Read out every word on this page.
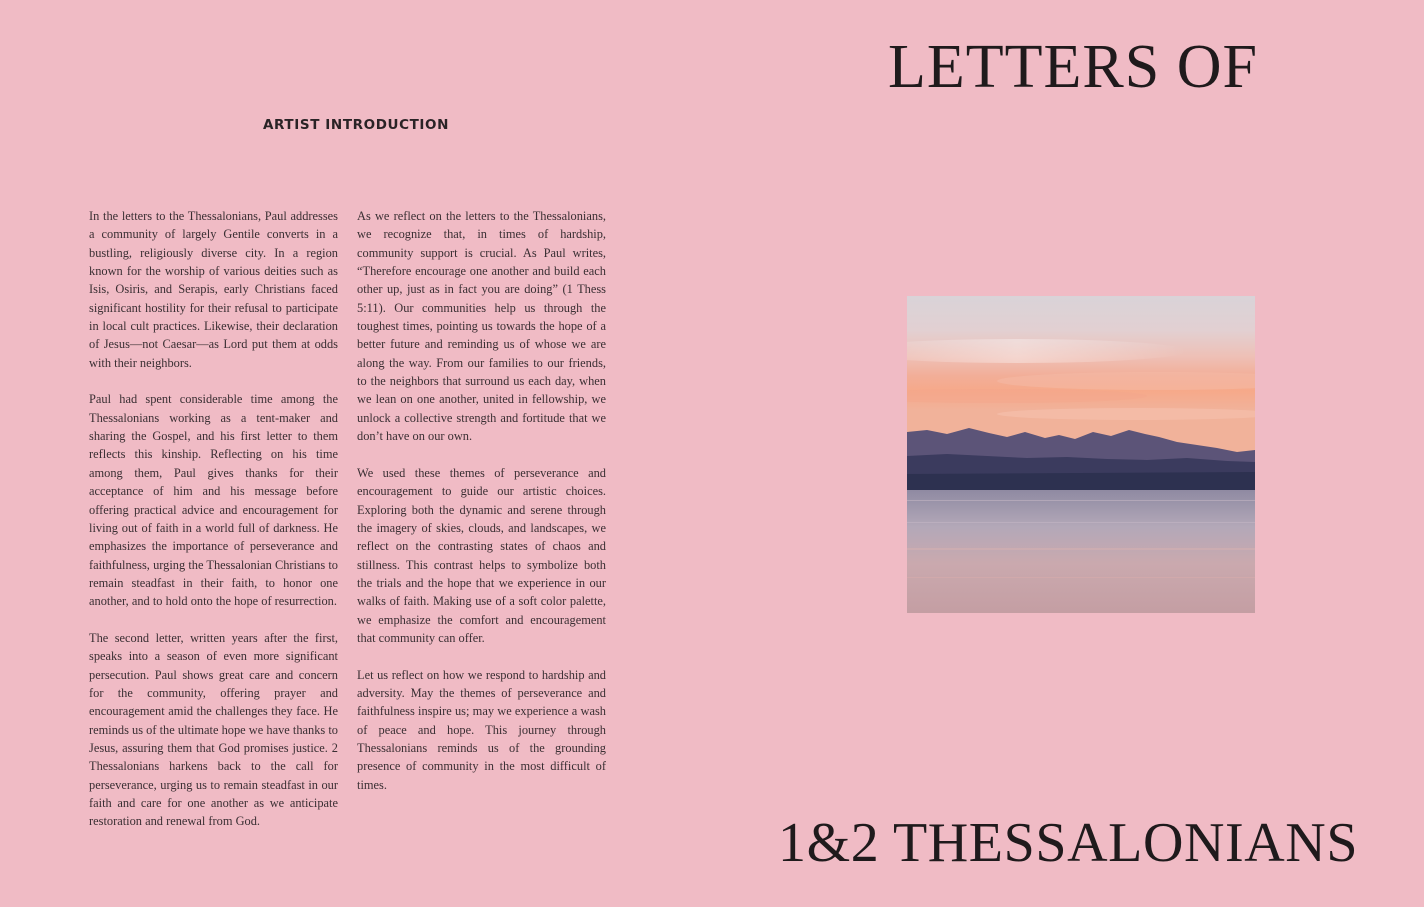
ARTIST INTRODUCTION

In the letters to the Thessalonians, Paul addresses a community of largely Gentile converts in a bustling, religiously diverse city. In a region known for the worship of various deities such as Isis, Osiris, and Serapis, early Christians faced significant hostility for their refusal to participate in local cult practices. Likewise, their declaration of Jesus—not Caesar—as Lord put them at odds with their neighbors.

Paul had spent considerable time among the Thessalonians working as a tent-maker and sharing the Gospel, and his first letter to them reflects this kinship. Reflecting on his time among them, Paul gives thanks for their acceptance of him and his message before offering practical advice and encouragement for living out of faith in a world full of darkness. He emphasizes the importance of perseverance and faithfulness, urging the Thessalonian Christians to remain steadfast in their faith, to honor one another, and to hold onto the hope of resurrection.

The second letter, written years after the first, speaks into a season of even more significant persecution. Paul shows great care and concern for the community, offering prayer and encouragement amid the challenges they face. He reminds us of the ultimate hope we have thanks to Jesus, assuring them that God promises justice. 2 Thessalonians harkens back to the call for perseverance, urging us to remain steadfast in our faith and care for one another as we anticipate restoration and renewal from God.

As we reflect on the letters to the Thessalonians, we recognize that, in times of hardship, community support is crucial. As Paul writes, “Therefore encourage one another and build each other up, just as in fact you are doing” (1 Thess 5:11). Our communities help us through the toughest times, pointing us towards the hope of a better future and reminding us of whose we are along the way. From our families to our friends, to the neighbors that surround us each day, when we lean on one another, united in fellowship, we unlock a collective strength and fortitude that we don’t have on our own.

We used these themes of perseverance and encouragement to guide our artistic choices. Exploring both the dynamic and serene through the imagery of skies, clouds, and landscapes, we reflect on the contrasting states of chaos and stillness. This contrast helps to symbolize both the trials and the hope that we experience in our walks of faith. Making use of a soft color palette, we emphasize the comfort and encouragement that community can offer.

Let us reflect on how we respond to hardship and adversity. May the themes of perseverance and faithfulness inspire us; may we experience a wash of peace and hope. This journey through Thessalonians reminds us of the grounding presence of community in the most difficult of times.

LETTERS OF
1&2 THESSALONIANS
